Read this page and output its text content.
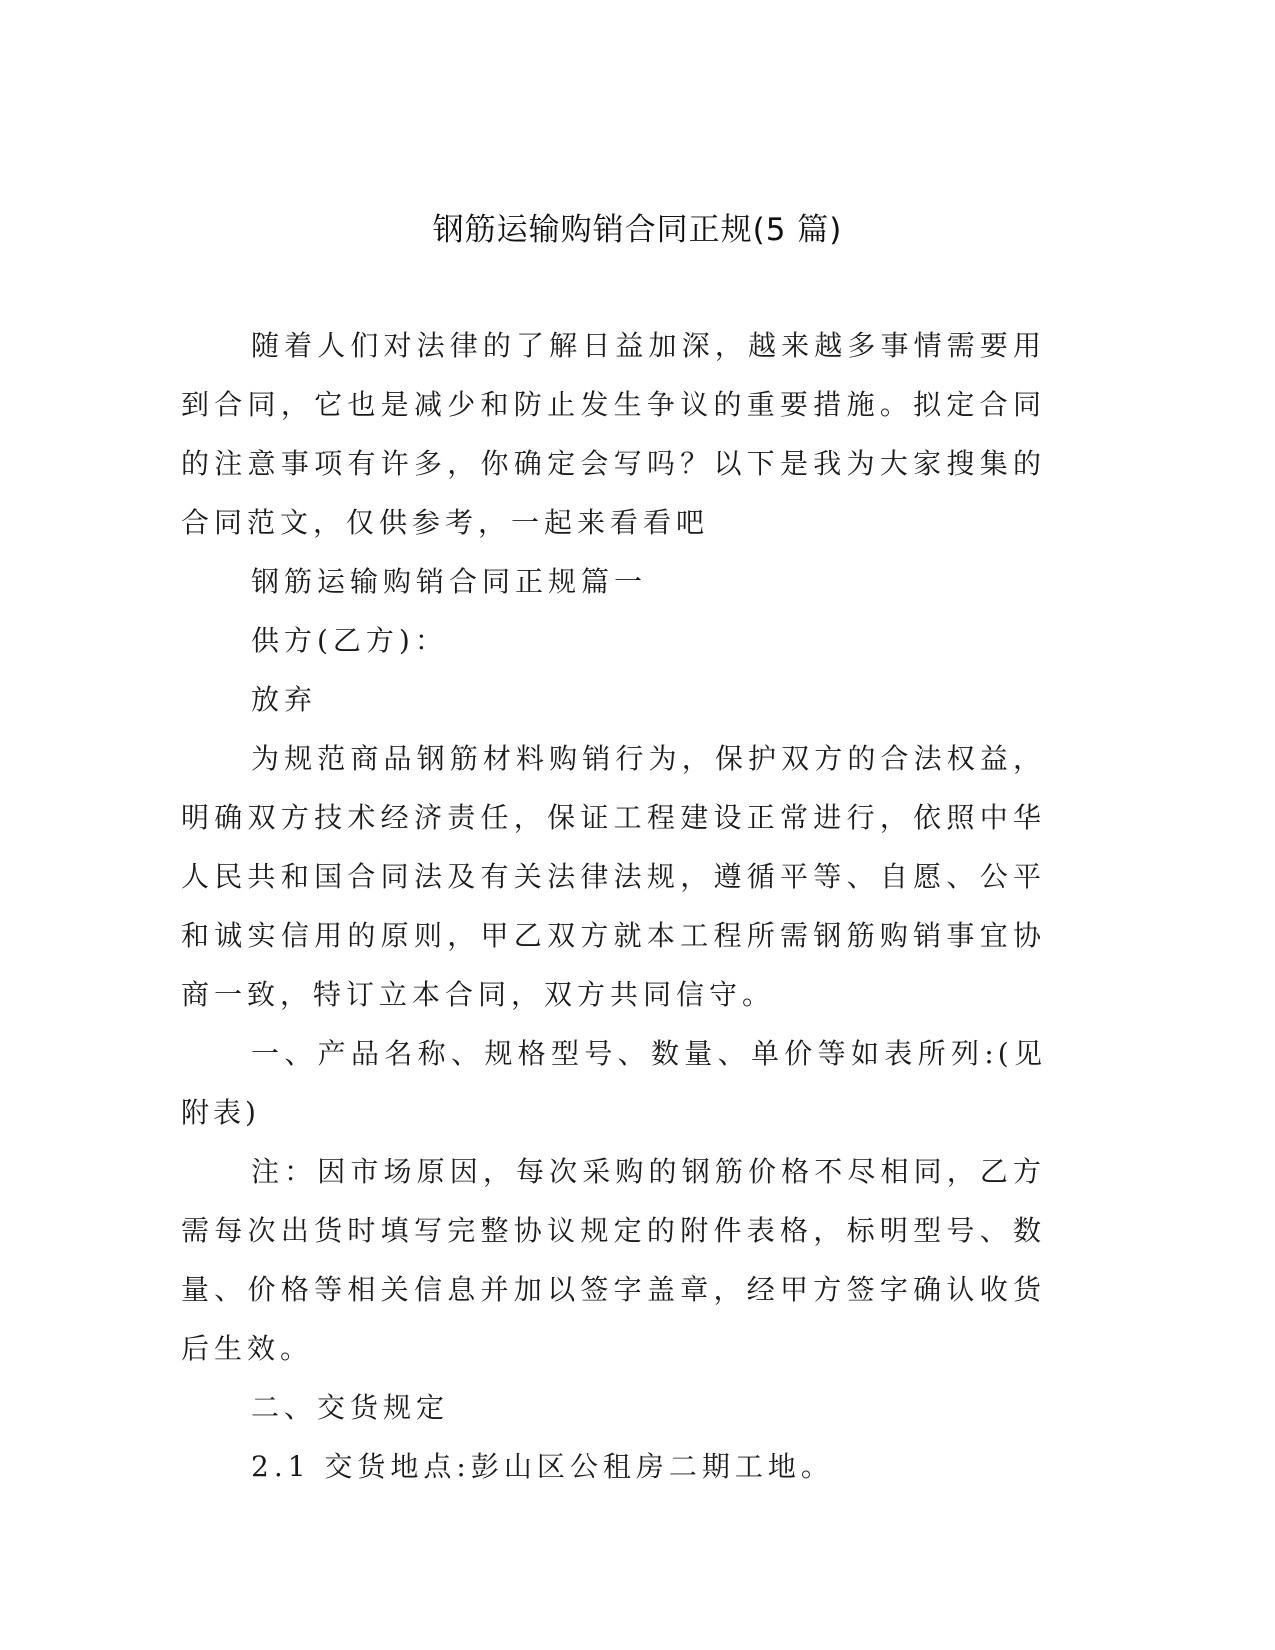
钢筋运输购销合同正规(5 篇)

随着人们对法律的了解日益加深，越来越多事情需要用到合同，它也是减少和防止发生争议的重要措施。拟定合同的注意事项有许多，你确定会写吗？以下是我为大家搜集的合同范文，仅供参考，一起来看看吧

钢筋运输购销合同正规篇一

供方(乙方)：

放弃

为规范商品钢筋材料购销行为，保护双方的合法权益，明确双方技术经济责任，保证工程建设正常进行，依照中华人民共和国合同法及有关法律法规，遵循平等、自愿、公平和诚实信用的原则，甲乙双方就本工程所需钢筋购销事宜协商一致，特订立本合同，双方共同信守。

一、产品名称、规格型号、数量、单价等如表所列:(见附表)

注：因市场原因，每次采购的钢筋价格不尽相同，乙方需每次出货时填写完整协议规定的附件表格，标明型号、数量、价格等相关信息并加以签字盖章，经甲方签字确认收货后生效。

二、交货规定

2.1 交货地点:彭山区公租房二期工地。
